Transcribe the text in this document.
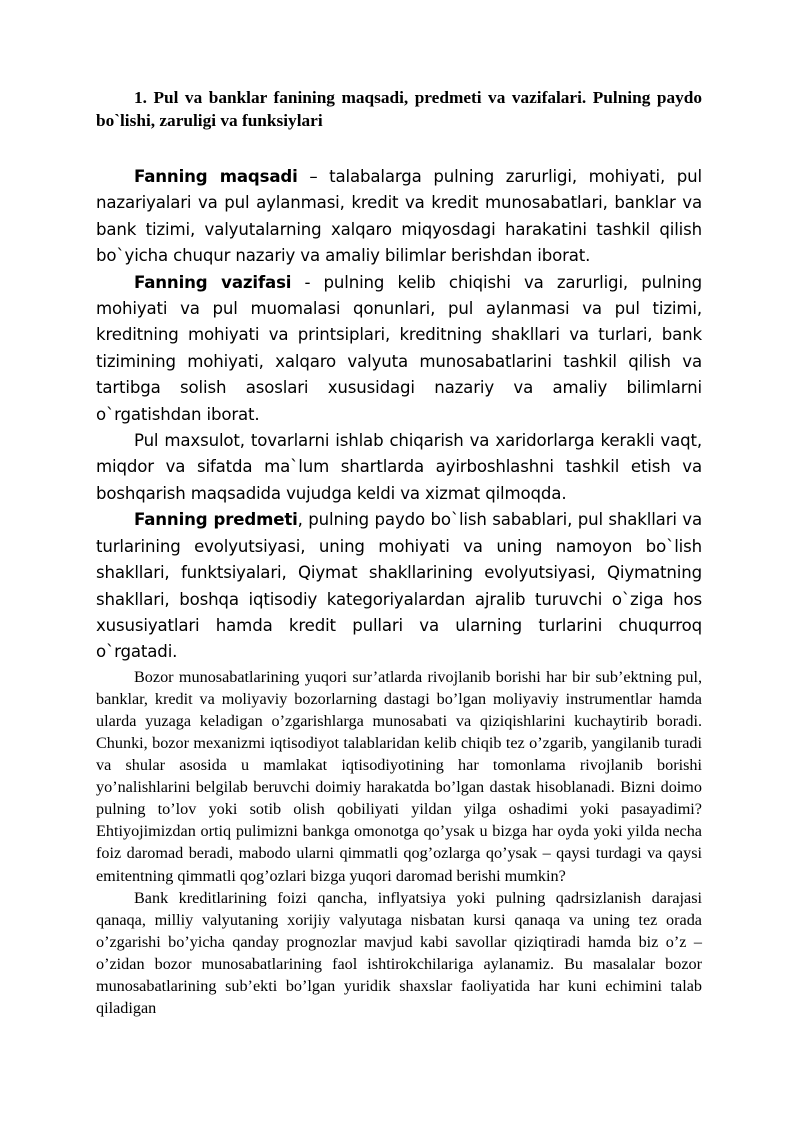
1. Pul va banklar fanining maqsadi, predmeti va vazifalari. Pulning paydo bo`lishi, zaruligi va funksiylari

Fanning maqsadi – talabalarga pulning zarurligi, mohiyati, pul nazariyalari va pul aylanmasi, kredit va kredit munosabatlari, banklar va bank tizimi, valyutalarning xalqaro miqyosdagi harakatini tashkil qilish bo`yicha chuqur nazariy va amaliy bilimlar berishdan iborat.

Fanning vazifasi - pulning kelib chiqishi va zarurligi, pulning mohiyati va pul muomalasi qonunlari, pul aylanmasi va pul tizimi, kreditning mohiyati va printsiplari, kreditning shakllari va turlari, bank tizimining mohiyati, xalqaro valyuta munosabatlarini tashkil qilish va tartibga solish asoslari xususidagi nazariy va amaliy bilimlarni o`rgatishdan iborat.

Pul maxsulot, tovarlarni ishlab chiqarish va xaridorlarga kerakli vaqt, miqdor va sifatda ma`lum shartlarda ayirboshlashni tashkil etish va boshqarish maqsadida vujudga keldi va xizmat qilmoqda.

Fanning predmeti, pulning paydo bo`lish sabablari, pul shakllari va turlarining evolyutsiyasi, uning mohiyati va uning namoyon bo`lish shakllari, funktsiyalari, Qiymat shakllarining evolyutsiyasi, Qiymatning shakllari, boshqa iqtisodiy kategoriyalardan ajralib turuvchi o`ziga hos xususiyatlari hamda kredit pullari va ularning turlarini chuqurroq o`rgatadi.

Bozor munosabatlarining yuqori sur’atlarda rivojlanib borishi har bir sub’ektning pul, banklar, kredit va moliyaviy bozorlarning dastagi bo’lgan moliyaviy instrumentlar hamda ularda yuzaga keladigan o’zgarishlarga munosabati va qiziqishlarini kuchaytirib boradi. Chunki, bozor mexanizmi iqtisodiyot talablaridan kelib chiqib tez o’zgarib, yangilanib turadi va shular asosida u mamlakat iqtisodiyotining har tomonlama rivojlanib borishi yo’nalishlarini belgilab beruvchi doimiy harakatda bo’lgan dastak hisoblanadi. Bizni doimo pulning to’lov yoki sotib olish qobiliyati yildan yilga oshadimi yoki pasayadimi? Ehtiyojimizdan ortiq pulimizni bankga omonotga qo’ysak u bizga har oyda yoki yilda necha foiz daromad beradi, mabodo ularni qimmatli qog’ozlarga qo’ysak – qaysi turdagi va qaysi emitentning qimmatli qog’ozlari bizga yuqori daromad berishi mumkin?

Bank kreditlarining foizi qancha, inflyatsiya yoki pulning qadrsizlanish darajasi qanaqa, milliy valyutaning xorijiy valyutaga nisbatan kursi qanaqa va uning tez orada o’zgarishi bo’yicha qanday prognozlar mavjud kabi savollar qiziqtiradi hamda biz o’z – o’zidan bozor munosabatlarining faol ishtirokchilariga aylanamiz. Bu masalalar bozor munosabatlarining sub’ekti bo’lgan yuridik shaxslar faoliyatida har kuni echimini talab qiladigan
